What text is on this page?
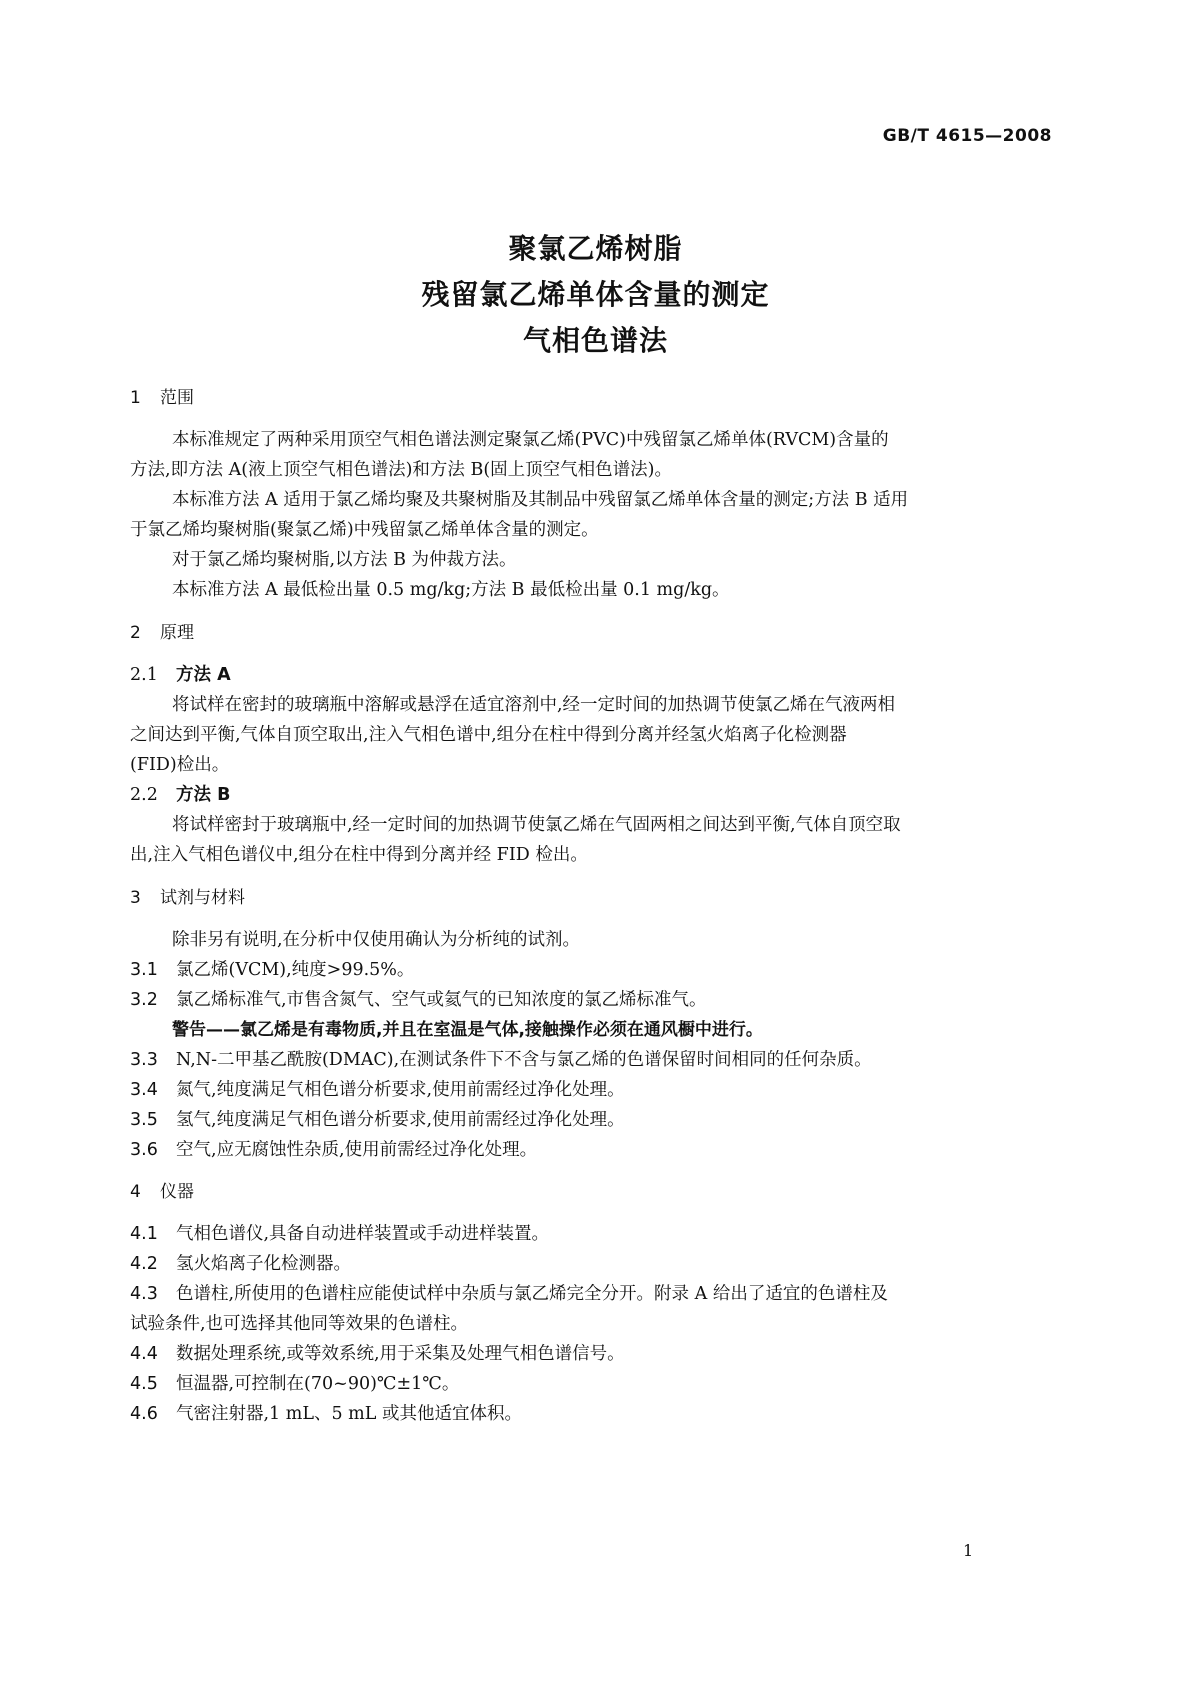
GB/T 4615—2008
聚氯乙烯树脂
残留氯乙烯单体含量的测定
气相色谱法
1 范围
本标准规定了两种采用顶空气相色谱法测定聚氯乙烯(PVC)中残留氯乙烯单体(RVCM)含量的
方法,即方法 A(液上顶空气相色谱法)和方法 B(固上顶空气相色谱法)。
本标准方法 A 适用于氯乙烯均聚及共聚树脂及其制品中残留氯乙烯单体含量的测定;方法 B 适用
于氯乙烯均聚树脂(聚氯乙烯)中残留氯乙烯单体含量的测定。
对于氯乙烯均聚树脂,以方法 B 为仲裁方法。
本标准方法 A 最低检出量 0.5 mg/kg;方法 B 最低检出量 0.1 mg/kg。
2 原理
2.1 方法 A
将试样在密封的玻璃瓶中溶解或悬浮在适宜溶剂中,经一定时间的加热调节使氯乙烯在气液两相
之间达到平衡,气体自顶空取出,注入气相色谱中,组分在柱中得到分离并经氢火焰离子化检测器
(FID)检出。
2.2 方法 B
将试样密封于玻璃瓶中,经一定时间的加热调节使氯乙烯在气固两相之间达到平衡,气体自顶空取
出,注入气相色谱仪中,组分在柱中得到分离并经 FID 检出。
3 试剂与材料
除非另有说明,在分析中仅使用确认为分析纯的试剂。
3.1 氯乙烯(VCM),纯度>99.5%。
3.2 氯乙烯标准气,市售含氮气、空气或氦气的已知浓度的氯乙烯标准气。
警告——氯乙烯是有毒物质,并且在室温是气体,接触操作必须在通风橱中进行。
3.3 N,N-二甲基乙酰胺(DMAC),在测试条件下不含与氯乙烯的色谱保留时间相同的任何杂质。
3.4 氮气,纯度满足气相色谱分析要求,使用前需经过净化处理。
3.5 氢气,纯度满足气相色谱分析要求,使用前需经过净化处理。
3.6 空气,应无腐蚀性杂质,使用前需经过净化处理。
4 仪器
4.1 气相色谱仪,具备自动进样装置或手动进样装置。
4.2 氢火焰离子化检测器。
4.3 色谱柱,所使用的色谱柱应能使试样中杂质与氯乙烯完全分开。附录 A 给出了适宜的色谱柱及
试验条件,也可选择其他同等效果的色谱柱。
4.4 数据处理系统,或等效系统,用于采集及处理气相色谱信号。
4.5 恒温器,可控制在(70~90)℃±1℃。
4.6 气密注射器,1 mL、5 mL 或其他适宜体积。
1
